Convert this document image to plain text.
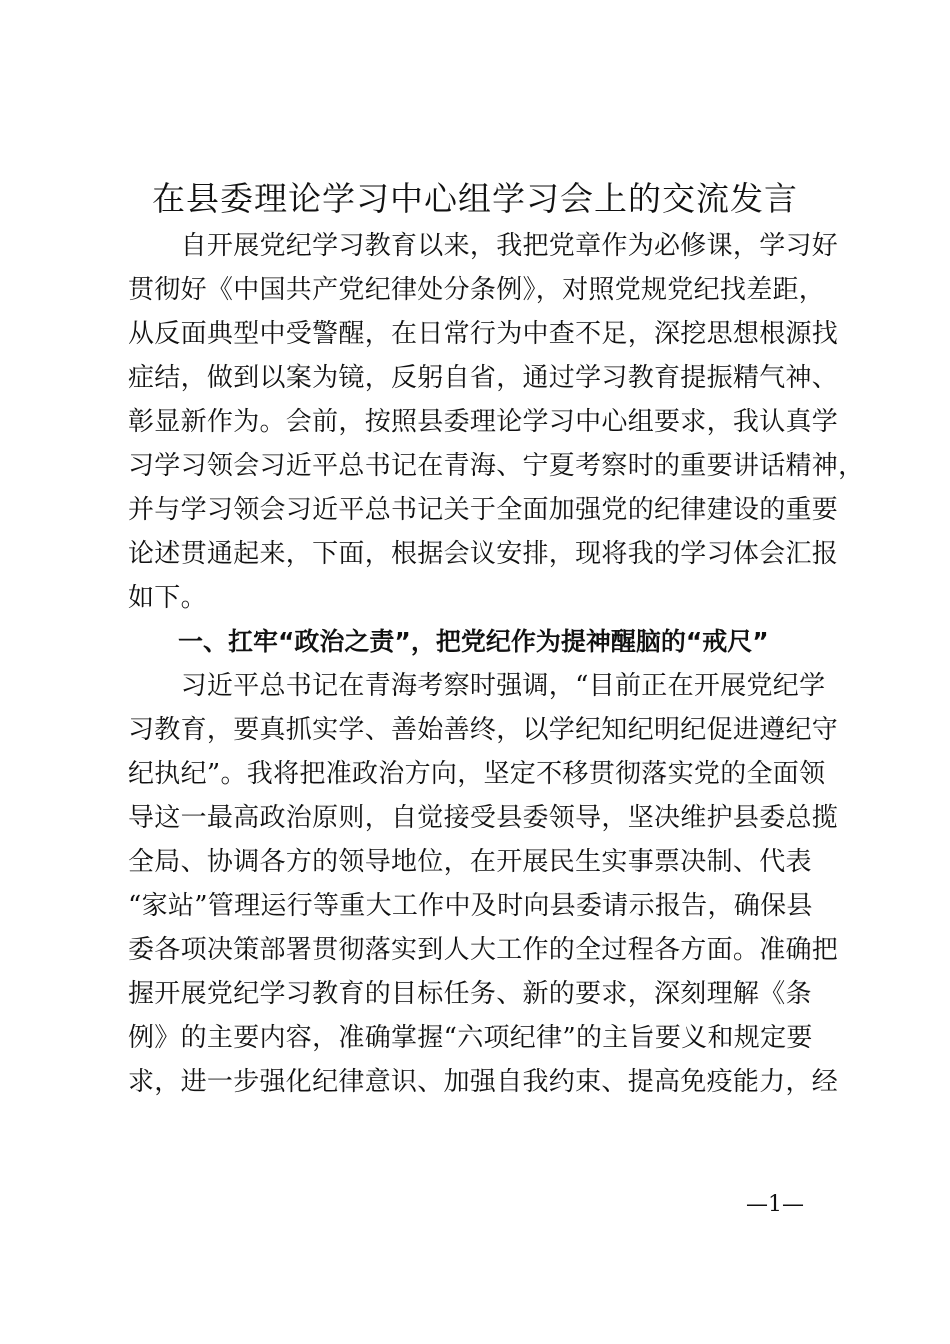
在县委理论学习中心组学习会上的交流发言
　　自开展党纪学习教育以来，我把党章作为必修课，学习好
贯彻好《中国共产党纪律处分条例》，对照党规党纪找差距，
从反面典型中受警醒，在日常行为中查不足，深挖思想根源找
症结，做到以案为镜，反躬自省，通过学习教育提振精气神、
彰显新作为。会前，按照县委理论学习中心组要求，我认真学
习学习领会习近平总书记在青海、宁夏考察时的重要讲话精神，
并与学习领会习近平总书记关于全面加强党的纪律建设的重要
论述贯通起来，下面，根据会议安排，现将我的学习体会汇报
如下。
　　一、扛牢“政治之责”，把党纪作为提神醒脑的“戒尺”
　　习近平总书记在青海考察时强调，“目前正在开展党纪学
习教育，要真抓实学、善始善终，以学纪知纪明纪促进遵纪守
纪执纪”。我将把准政治方向，坚定不移贯彻落实党的全面领
导这一最高政治原则，自觉接受县委领导，坚决维护县委总揽
全局、协调各方的领导地位，在开展民生实事票决制、代表
“家站”管理运行等重大工作中及时向县委请示报告，确保县
委各项决策部署贯彻落实到人大工作的全过程各方面。准确把
握开展党纪学习教育的目标任务、新的要求，深刻理解《条
例》的主要内容，准确掌握“六项纪律”的主旨要义和规定要
求，进一步强化纪律意识、加强自我约束、提高免疫能力，经
—1—
